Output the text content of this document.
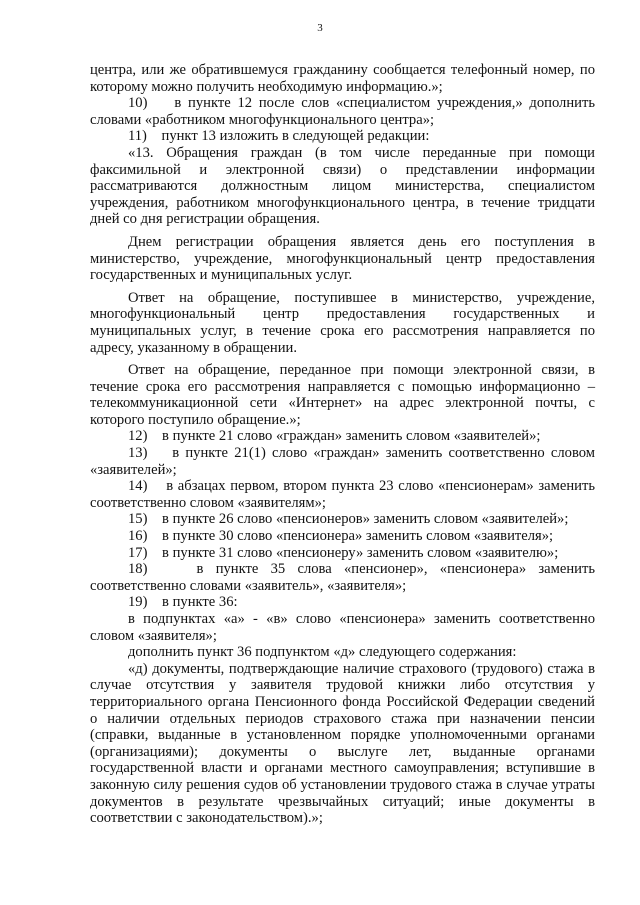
3

центра, или же обратившемуся гражданину сообщается телефонный номер, по которому можно получить необходимую информацию.»;

10)    в пункте 12 после слов «специалистом учреждения,» дополнить словами «работником многофункционального центра»;

11)    пункт 13 изложить в следующей редакции:

«13. Обращения граждан (в том числе переданные при помощи факсимильной и электронной связи) о представлении информации рассматриваются должностным лицом министерства, специалистом учреждения, работником многофункционального центра, в течение тридцати дней со дня регистрации обращения.

Днем регистрации обращения является день его поступления в министерство, учреждение, многофункциональный центр предоставления государственных и муниципальных услуг.

Ответ на обращение, поступившее в министерство, учреждение, многофункциональный центр предоставления государственных и муниципальных услуг, в течение срока его рассмотрения направляется по адресу, указанному в обращении.

Ответ на обращение, переданное при помощи электронной связи, в течение срока его рассмотрения направляется с помощью информационно – телекоммуникационной сети «Интернет» на адрес электронной почты, с которого поступило обращение.»;

12)    в пункте 21 слово «граждан» заменить словом «заявителей»;

13)    в пункте 21(1) слово «граждан» заменить соответственно словом «заявителей»;

14)    в абзацах первом, втором пункта 23 слово «пенсионерам» заменить соответственно словом «заявителям»;

15)    в пункте 26 слово «пенсионеров» заменить словом «заявителей»;

16)    в пункте 30 слово «пенсионера» заменить словом «заявителя»;

17)    в пункте 31 слово «пенсионеру» заменить словом «заявителю»;

18)    в пункте 35 слова «пенсионер», «пенсионера» заменить соответственно словами «заявитель», «заявителя»;

19)    в пункте 36:

в подпунктах «а» - «в» слово «пенсионера» заменить соответственно словом «заявителя»;

дополнить пункт 36 подпунктом «д» следующего содержания:

«д) документы, подтверждающие наличие страхового (трудового) стажа в случае отсутствия у заявителя трудовой книжки либо отсутствия у территориального органа Пенсионного фонда Российской Федерации сведений о наличии отдельных периодов страхового стажа при назначении пенсии (справки, выданные в установленном порядке уполномоченными органами (организациями); документы о выслуге лет, выданные органами государственной власти и органами местного самоуправления; вступившие в законную силу решения судов об установлении трудового стажа в случае утраты документов в результате чрезвычайных ситуаций; иные документы в соответствии с законодательством).»;
